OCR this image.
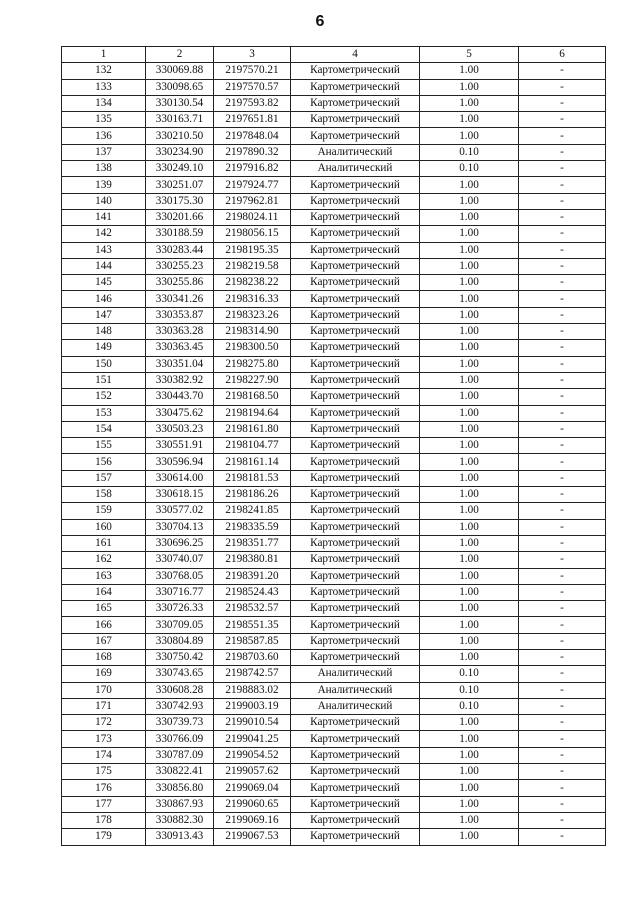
6
1	2	3	4	5	6
132	330069.88	2197570.21	Картометрический	1.00	-
133	330098.65	2197570.57	Картометрический	1.00	-
134	330130.54	2197593.82	Картометрический	1.00	-
135	330163.71	2197651.81	Картометрический	1.00	-
136	330210.50	2197848.04	Картометрический	1.00	-
137	330234.90	2197890.32	Аналитический	0.10	-
138	330249.10	2197916.82	Аналитический	0.10	-
139	330251.07	2197924.77	Картометрический	1.00	-
140	330175.30	2197962.81	Картометрический	1.00	-
141	330201.66	2198024.11	Картометрический	1.00	-
142	330188.59	2198056.15	Картометрический	1.00	-
143	330283.44	2198195.35	Картометрический	1.00	-
144	330255.23	2198219.58	Картометрический	1.00	-
145	330255.86	2198238.22	Картометрический	1.00	-
146	330341.26	2198316.33	Картометрический	1.00	-
147	330353.87	2198323.26	Картометрический	1.00	-
148	330363.28	2198314.90	Картометрический	1.00	-
149	330363.45	2198300.50	Картометрический	1.00	-
150	330351.04	2198275.80	Картометрический	1.00	-
151	330382.92	2198227.90	Картометрический	1.00	-
152	330443.70	2198168.50	Картометрический	1.00	-
153	330475.62	2198194.64	Картометрический	1.00	-
154	330503.23	2198161.80	Картометрический	1.00	-
155	330551.91	2198104.77	Картометрический	1.00	-
156	330596.94	2198161.14	Картометрический	1.00	-
157	330614.00	2198181.53	Картометрический	1.00	-
158	330618.15	2198186.26	Картометрический	1.00	-
159	330577.02	2198241.85	Картометрический	1.00	-
160	330704.13	2198335.59	Картометрический	1.00	-
161	330696.25	2198351.77	Картометрический	1.00	-
162	330740.07	2198380.81	Картометрический	1.00	-
163	330768.05	2198391.20	Картометрический	1.00	-
164	330716.77	2198524.43	Картометрический	1.00	-
165	330726.33	2198532.57	Картометрический	1.00	-
166	330709.05	2198551.35	Картометрический	1.00	-
167	330804.89	2198587.85	Картометрический	1.00	-
168	330750.42	2198703.60	Картометрический	1.00	-
169	330743.65	2198742.57	Аналитический	0.10	-
170	330608.28	2198883.02	Аналитический	0.10	-
171	330742.93	2199003.19	Аналитический	0.10	-
172	330739.73	2199010.54	Картометрический	1.00	-
173	330766.09	2199041.25	Картометрический	1.00	-
174	330787.09	2199054.52	Картометрический	1.00	-
175	330822.41	2199057.62	Картометрический	1.00	-
176	330856.80	2199069.04	Картометрический	1.00	-
177	330867.93	2199060.65	Картометрический	1.00	-
178	330882.30	2199069.16	Картометрический	1.00	-
179	330913.43	2199067.53	Картометрический	1.00	-
